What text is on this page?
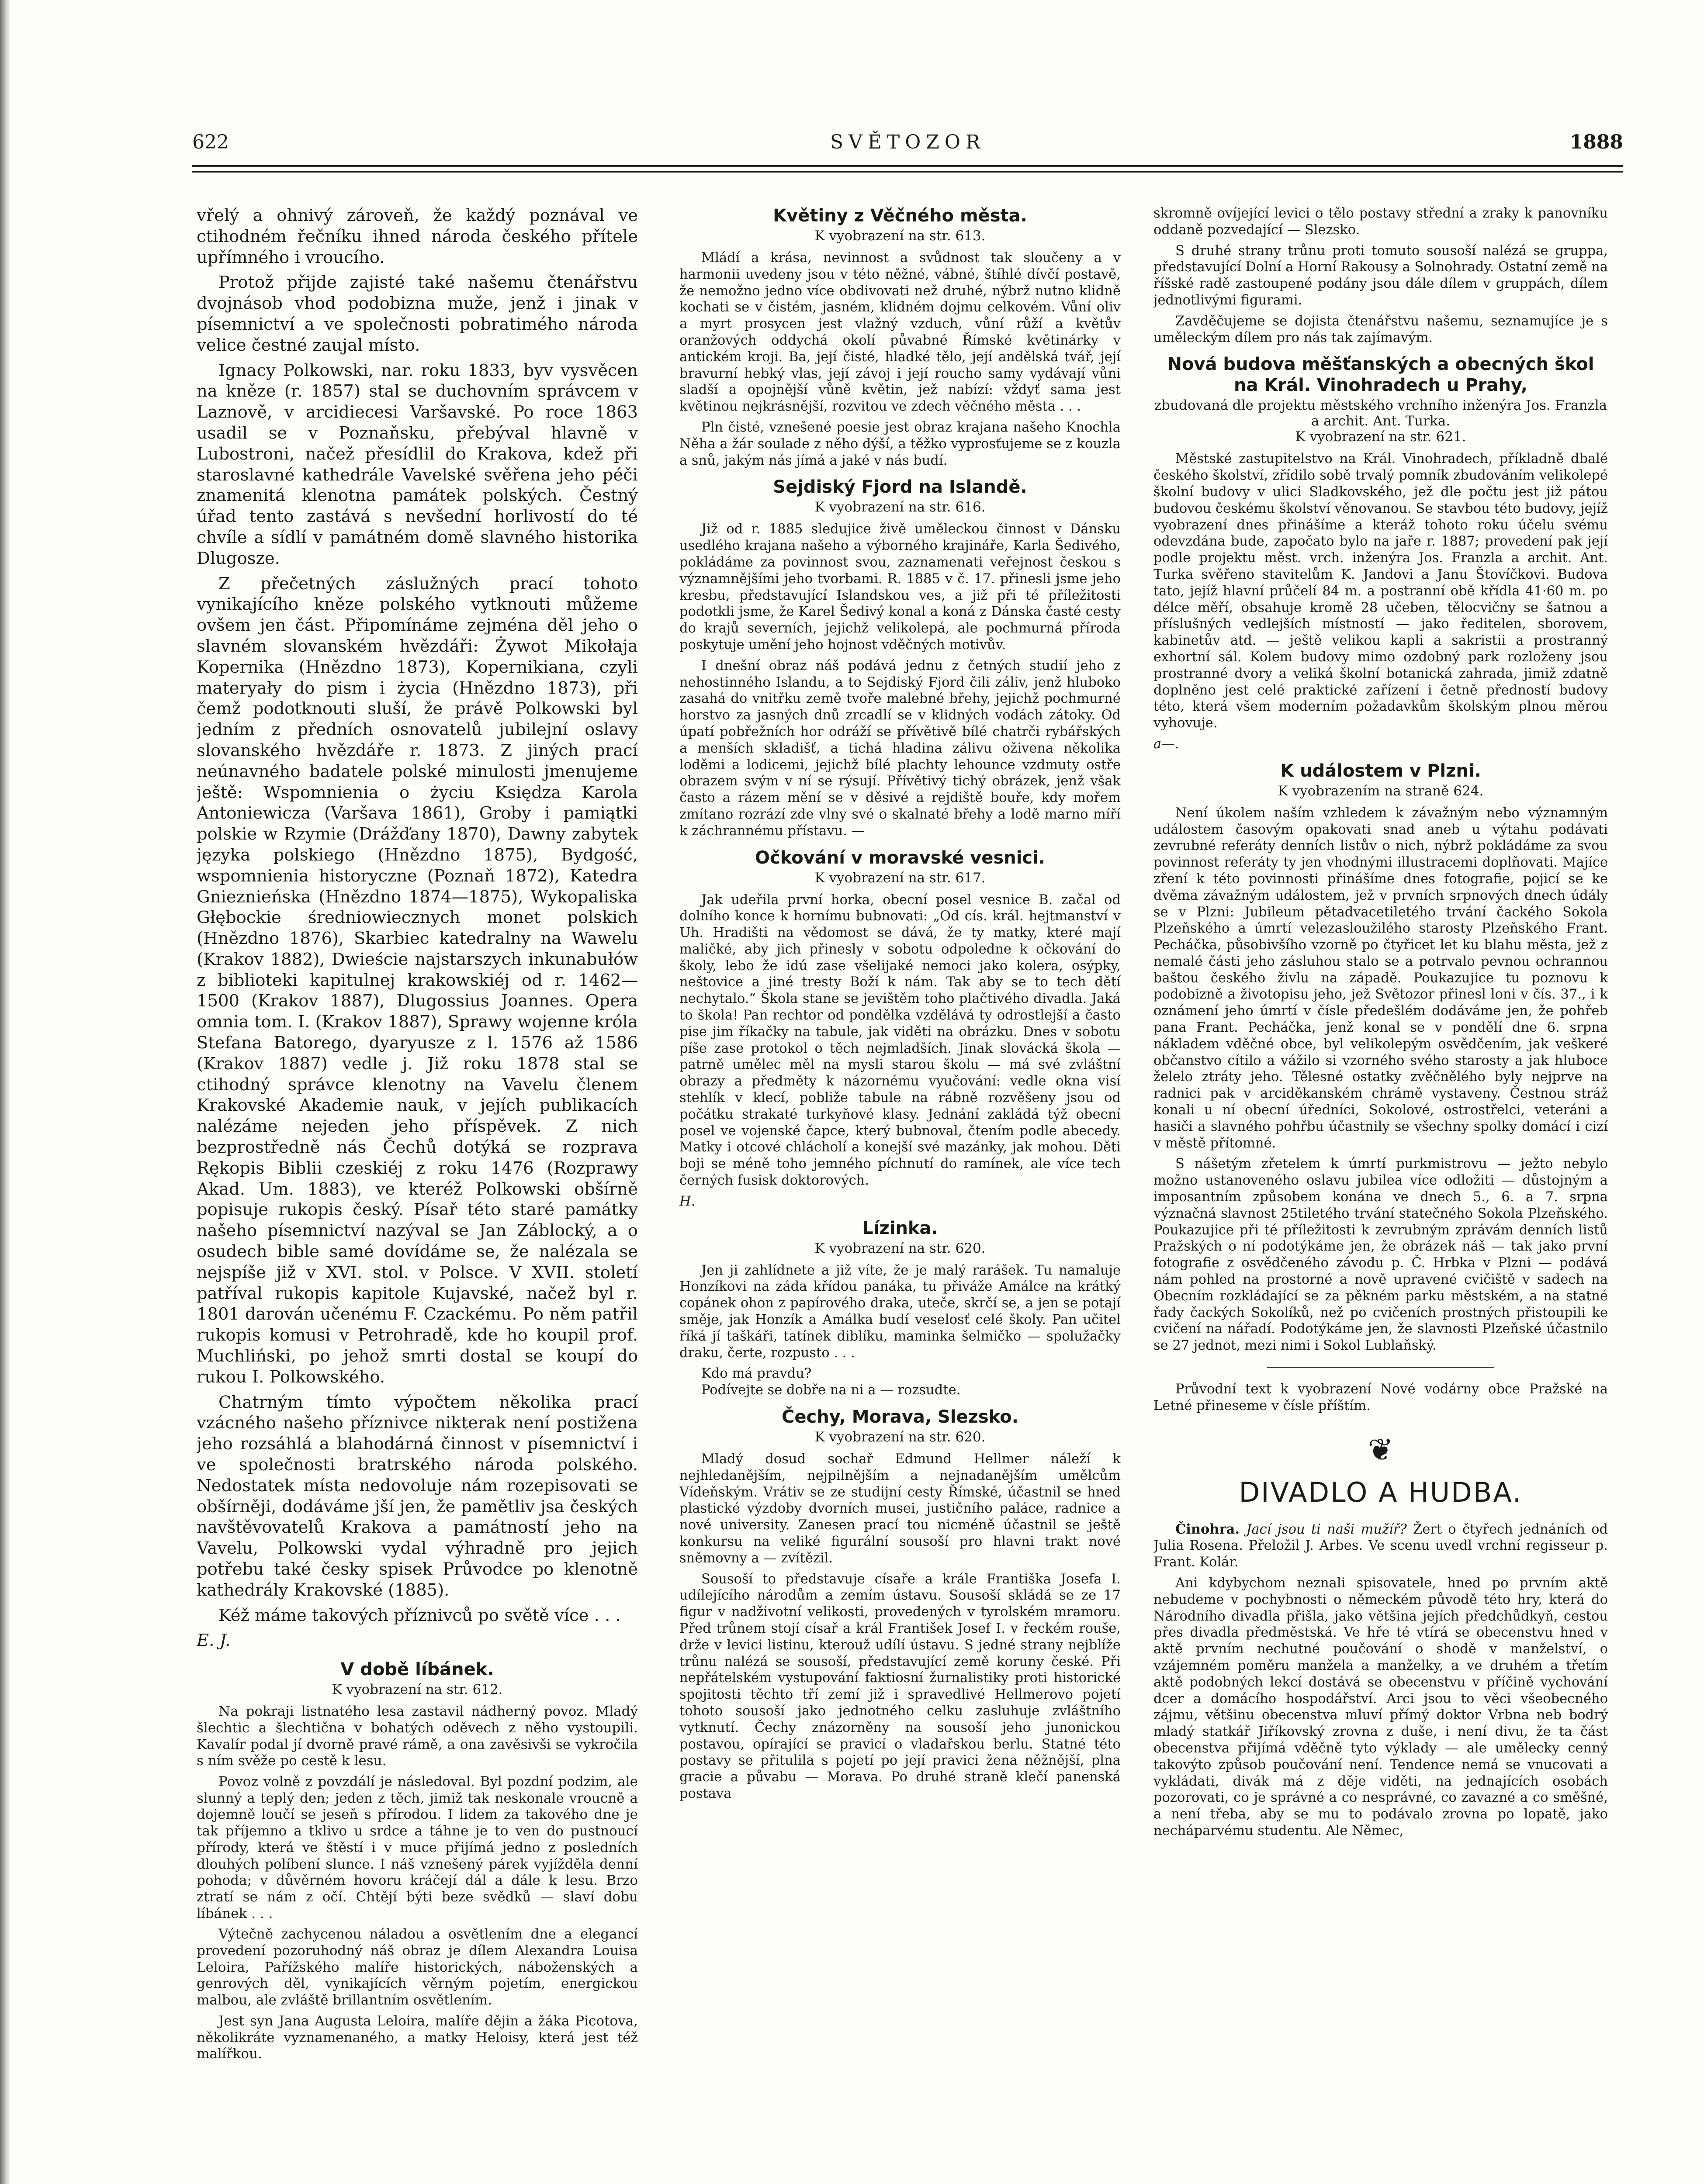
622	SVĚTOZOR	1888

vřelý a ohnivý zároveň, že každý poznával ve ctihodném řečníku ihned národa českého přítele upřímného i vroucího.

Protož přijde zajisté také našemu čtenářstvu dvojnásob vhod podobizna muže, jenž i jinak v písemnictví a ve společnosti pobratimého národa velice čestné zaujal místo.

Ignacy Polkowski, nar. roku 1833, byv vysvěcen na kněze (r. 1857) stal se duchovním správcem v Laznově, v arcidiecesi Varšavské. Po roce 1863 usadil se v Poznaňsku, přebýval hlavně v Lubostroni, načež přesídlil do Krakova, kdež při staroslavné kathedrále Vavelské svěřena jeho péči znamenitá klenotna památek polských. Čestný úřad tento zastává s nevšední horlivostí do té chvíle a sídlí v památném domě slavného historika Dlugosze.

Z přečetných záslužných prací tohoto vynikajícího kněze polského vytknouti můžeme ovšem jen část. Připomínáme zejména děl jeho o slavném slovanském hvězdáři: Żywot Mikołaja Kopernika (Hnězdno 1873), Kopernikiana, czyli materyały do pism i życia (Hnězdno 1873), při čemž podotknouti sluší, že právě Polkowski byl jedním z předních osnovatelů jubilejní oslavy slovanského hvězdáře r. 1873. Z jiných prací neúnavného badatele polské minulosti jmenujeme ještě: Wspomnienia o życiu Księdza Karola Antoniewicza (Varšava 1861), Groby i pamiątki polskie w Rzymie (Drážďany 1870), Dawny zabytek języka polskiego (Hnězdno 1875), Bydgość, wspomnienia historyczne (Poznaň 1872), Katedra Gnieznieńska (Hnězdno 1874—1875), Wykopaliska Głębockie średniowiecznych monet polskich (Hnězdno 1876), Skarbiec katedralny na Wawelu (Krakov 1882), Dwieście najstarszych inkunabułów z biblioteki kapitulnej krakowskiéj od r. 1462—1500 (Krakov 1887), Dlugossius Joannes. Opera omnia tom. I. (Krakov 1887), Sprawy wojenne króla Stefana Batorego, dyaryusze z l. 1576 až 1586 (Krakov 1887) vedle j. Již roku 1878 stal se ctihodný správce klenotny na Vavelu členem Krakovské Akademie nauk, v jejích publikacích nalézáme nejeden jeho příspěvek. Z nich bezprostředně nás Čechů dotýká se rozprava Rękopis Biblii czeskiéj z roku 1476 (Rozprawy Akad. Um. 1883), ve kteréž Polkowski obšírně popisuje rukopis český. Písař této staré památky našeho písemnictví nazýval se Jan Záblocký, a o osudech bible samé dovídáme se, že nalézala se nejspíše již v XVI. stol. v Polsce. V XVII. století patříval rukopis kapitole Kujavské, načež byl r. 1801 darován učenému F. Czackému. Po něm patřil rukopis komusi v Petrohradě, kde ho koupil prof. Muchliński, po jehož smrti dostal se koupí do rukou I. Polkowského.

Chatrným tímto výpočtem několika prací vzácného našeho příznivce nikterak není postižena jeho rozsáhlá a blahodárná činnost v písemnictví i ve společnosti bratrského národa polského. Nedostatek místa nedovoluje nám rozepisovati se obšírněji, dodáváme jší jen, že pamětliv jsa českých navštěvovatelů Krakova a památností jeho na Vavelu, Polkowski vydal výhradně pro jejich potřebu také česky spisek Průvodce po klenotně kathedrály Krakovské (1885).

Kéž máme takových příznivců po světě více . . .

E. J.

V době líbánek.
K vyobrazení na str. 612.

Na pokraji listnatého lesa zastavil nádherný povoz. Mladý šlechtic a šlechtična v bohatých oděvech z něho vystoupili. Kavalír podal jí dvorně pravé rámě, a ona zavěsivši se vykročila s ním svěže po cestě k lesu.

Povoz volně z povzdálí je následoval. Byl pozdní podzim, ale slunný a teplý den; jeden z těch, jimiž tak neskonale vroucně a dojemně loučí se jeseň s přírodou. I lidem za takového dne je tak příjemno a tklivo u srdce a táhne je to ven do pustnoucí přírody, která ve štěstí i v muce přijímá jedno z posledních dlouhých políbení slunce. I náš vznešený párek vyjížděla denní pohoda; v důvěrném hovoru kráčejí dál a dále k lesu. Brzo ztratí se nám z očí. Chtějí býti beze svědků — slaví dobu líbánek . . .

Výtečně zachycenou náladou a osvětlením dne a elegancí provedení pozoruhodný náš obraz je dílem Alexandra Louisa Leloira, Pařížského malíře historických, náboženských a genrových děl, vynikajících věrným pojetím, energickou malbou, ale zvláště brillantním osvětlením.

Jest syn Jana Augusta Leloira, malíře dějin a žáka Picotova, několikráte vyznamenaného, a matky Heloisy, která jest též malířkou.

Květiny z Věčného města.
K vyobrazení na str. 613.

Mládí a krása, nevinnost a svůdnost tak sloučeny a v harmonii uvedeny jsou v této něžné, vábné, štíhlé dívčí postavě, že nemožno jedno více obdivovati než druhé, nýbrž nutno klidně kochati se v čistém, jasném, klidném dojmu celkovém. Vůní oliv a myrt prosycen jest vlažný vzduch, vůní růží a květův oranžových oddychá okolí půvabné Římské květinárky v antickém kroji. Ba, její čisté, hladké tělo, její andělská tvář, její bravurní hebký vlas, její závoj i její roucho samy vydávají vůni sladší a opojnější vůně květin, jež nabízí: vždyť sama jest květinou nejkrásnější, rozvitou ve zdech věčného města . . .

Pln čisté, vznešené poesie jest obraz krajana našeho Knochla Něha a žár soulade z něho dýší, a těžko vyprosťujeme se z kouzla a snů, jakým nás jímá a jaké v nás budí.

Sejdiský Fjord na Islandě.
K vyobrazení na str. 616.

Již od r. 1885 sledujice živě uměleckou činnost v Dánsku usedlého krajana našeho a výborného krajináře, Karla Šedivého, pokládáme za povinnost svou, zaznamenati veřejnost českou s významnějšími jeho tvorbami. R. 1885 v č. 17. přinesli jsme jeho kresbu, představující Islandskou ves, a již při té příležitosti podotkli jsme, že Karel Šedivý konal a koná z Dánska časté cesty do krajů severních, jejichž velikolepá, ale pochmurná příroda poskytuje umění jeho hojnost vděčných motivův.

I dnešní obraz náš podává jednu z četných studií jeho z nehostinného Islandu, a to Sejdiský Fjord čili záliv, jenž hluboko zasahá do vnitřku země tvoře malebné břehy, jejichž pochmurné horstvo za jasných dnů zrcadlí se v klidných vodách zátoky. Od úpatí pobřežních hor odráží se přívětivě bílé chatrči rybářských a menších skladišť, a tichá hladina zálivu oživena několika loděmi a lodicemi, jejichž bílé plachty lehounce vzdmuty ostře obrazem svým v ní se rýsují. Přívětivý tichý obrázek, jenž však často a rázem mění se v děsivé a rejdiště bouře, kdy mořem zmítano rozrází zde vlny své o skalnaté břehy a lodě marno míří k záchrannému přístavu. —

Očkování v moravské vesnici.
K vyobrazení na str. 617.

Jak udeřila první horka, obecní posel vesnice B. začal od dolního konce k hornímu bubnovati: „Od cís. král. hejtmanství v Uh. Hradišti na vědomost se dává, že ty matky, které mají maličké, aby jich přinesly v sobotu odpoledne k očkování do školy, lebo že idú zase všelijaké nemoci jako kolera, osýpky, neštovice a jiné tresty Boží k nám. Tak aby se to tech dětí nechytalo.“ Škola stane se jevištěm toho plačtivého divadla. Jaká to škola! Pan rechtor od pondělka vzdělává ty odrostlejší a často pise jim říkačky na tabule, jak viděti na obrázku. Dnes v sobotu píše zase protokol o těch nejmladších. Jinak slovácká škola — patrně umělec měl na mysli starou školu — má své zvláštní obrazy a předměty k názornému vyučování: vedle okna visí stehlík v klecí, pobliže tabule na rábně rozvěšeny jsou od počátku strakaté turkyňové klasy. Jednání zakládá týž obecní posel ve vojenské čapce, který bubnoval, čtením podle abecedy. Matky i otcové chlácholí a konejší své mazánky, jak mohou. Děti boji se méně toho jemného píchnutí do ramínek, ale více tech černých fusisk doktorových.

H.

Lízinka.
K vyobrazení na str. 620.

Jen ji zahlídnete a již víte, že je malý rarášek. Tu namaluje Honzíkovi na záda křídou panáka, tu přiváže Amálce na krátký copánek ohon z papírového draka, uteče, skrčí se, a jen se potají směje, jak Honzík a Amálka budí veselosť celé školy. Pan učitel říká jí taškáři, tatínek diblíku, maminka šelmičko — spolužačky draku, čerte, rozpusto . . .

Kdo má pravdu?

Podívejte se dobře na ni a — rozsudte.

Čechy, Morava, Slezsko.
K vyobrazení na str. 620.

Mladý dosud sochař Edmund Hellmer náleží k nejhledanějším, nejpilnějším a nejnadanějším umělcům Vídeňským. Vrátiv se ze studijní cesty Římské, účastnil se hned plastické výzdoby dvorních musei, justičního paláce, radnice a nové university. Zanesen prací tou nicméně účastnil se ještě konkursu na veliké figurální sousoší pro hlavni trakt nové sněmovny a — zvítězil.

Sousoší to představuje císaře a krále Františka Josefa I. udílejícího národům a zemím ústavu. Sousoší skládá se ze 17 figur v nadživotní velikosti, provedených v tyrolském mramoru. Před trůnem stojí císař a král František Josef I. v řeckém rouše, drže v levici listinu, kterouž udílí ústavu. S jedné strany nejblíže trůnu nalézá se sousoší, představující země koruny české. Při nepřátelském vystupování faktiosní žurnalistiky proti historické spojitosti těchto tří zemí již i spravedlivé Hellmerovo pojetí tohoto sousoší jako jednotného celku zasluhuje zvláštního vytknutí. Čechy znázorněny na sousoší jeho junonickou postavou, opírající se pravicí o vladařskou berlu. Statné této postavy se přitulila s pojetí po její pravici žena něžnější, plna gracie a půvabu — Morava. Po druhé straně klečí panenská postava

skromně ovíjející levici o tělo postavy střední a zraky k panovníku oddaně pozvedající — Slezsko.

S druhé strany trůnu proti tomuto sousoší nalézá se gruppa, představující Dolní a Horní Rakousy a Solnohrady. Ostatní země na říšské radě zastoupené podány jsou dále dílem v gruppách, dílem jednotlivými figurami.

Zavděčujeme se dojista čtenářstvu našemu, seznamujíce je s uměleckým dílem pro nás tak zajímavým.

Nová budova měšťanských a obecných škol na Král. Vinohradech u Prahy,
zbudovaná dle projektu městského vrchního inženýra Jos. Franzla a archit. Ant. Turka.
K vyobrazení na str. 621.

Městské zastupitelstvo na Král. Vinohradech, příkladně dbalé českého školství, zřídilo sobě trvalý pomník zbudováním velikolepé školní budovy v ulici Sladkovského, jež dle počtu jest již pátou budovou českému školství věnovanou. Se stavbou této budovy, jejíž vyobrazení dnes přinášíme a kteráž tohoto roku účelu svému odevzdána bude, započato bylo na jaře r. 1887; provedení pak její podle projektu měst. vrch. inženýra Jos. Franzla a archit. Ant. Turka svěřeno stavitelům K. Jandovi a Janu Štovíčkovi. Budova tato, jejíž hlavní průčelí 84 m. a postranní obě křídla 41·60 m. po délce měří, obsahuje kromě 28 učeben, tělocvičny se šatnou a příslušných vedlejších místností — jako ředitelen, sborovem, kabinetův atd. — ještě velikou kapli a sakristii a prostranný exhortní sál. Kolem budovy mimo ozdobný park rozloženy jsou prostranné dvory a veliká školní botanická zahrada, jimiž zdatně doplněno jest celé praktické zařízení i četně předností budovy této, která všem moderním požadavkům školským plnou měrou vyhovuje.

a—.

K událostem v Plzni.
K vyobrazením na straně 624.

Není úkolem naším vzhledem k závažným nebo významným událostem časovým opakovati snad aneb u výtahu podávati zevrubné referáty denních listův o nich, nýbrž pokládáme za svou povinnost referáty ty jen vhodnými illustracemi doplňovati. Majíce zření k této povinnosti přinášíme dnes fotografie, pojicí se ke dvěma závažným událostem, jež v prvních srpnových dnech údály se v Plzni: Jubileum pětadvacetiletého trvání čackého Sokola Plzeňského a úmrtí velezasloužilého starosty Plzeňského Frant. Pecháčka, působivšího vzorně po čtyřicet let ku blahu města, jež z nemalé části jeho zásluhou stalo se a potrvalo pevnou ochrannou baštou českého živlu na západě. Poukazujice tu poznovu k podobizně a životopisu jeho, jež Světozor přinesl loni v čís. 37., i k oznámení jeho úmrtí v čísle předešlém dodáváme jen, že pohřeb pana Frant. Pecháčka, jenž konal se v pondělí dne 6. srpna nákladem vděčné obce, byl velikolepým osvědčením, jak veškeré občanstvo cítilo a vážilo si vzorného svého starosty a jak hluboce želelo ztráty jeho. Tělesné ostatky zvěčnělého byly nejprve na radnici pak v arciděkanském chrámě vystaveny. Čestnou stráž konali u ní obecní úředníci, Sokolové, ostrostřelci, veteráni a hasiči a slavného pohřbu účastnily se všechny spolky domácí i cizí v městě přítomné.

S nášetým zřetelem k úmrtí purkmistrovu — ježto nebylo možno ustanoveného oslavu jubilea více odložiti — důstojným a imposantním způsobem konána ve dnech 5., 6. a 7. srpna význačná slavnost 25tiletého trvání statečného Sokola Plzeňského. Poukazujice při té příležitosti k zevrubným zprávám denních listů Pražských o ní podotýkáme jen, že obrázek náš — tak jako první fotografie z osvědčeného závodu p. Č. Hrbka v Plzni — podává nám pohled na prostorné a nově upravené cvičiště v sadech na Obecním rozkládající se za pěkném parku městském, a na statné řady čackých Sokolíků, než po cvičeních prostných přistoupili ke cvičení na nářadí. Podotýkáme jen, že slavnosti Plzeňské účastnilo se 27 jednot, mezi nimi i Sokol Lublaňský.

Průvodní text k vyobrazení Nové vodárny obce Pražské na Letné přineseme v čísle příštím.

❦
DIVADLO A HUDBA.

Činohra. Jací jsou ti naši mužíř? Žert o čtyřech jednáních od Julia Rosena. Přeložil J. Arbes. Ve scenu uvedl vrchní regisseur p. Frant. Kolár.

Ani kdybychom neznali spisovatele, hned po prvním aktě nebudeme v pochybnosti o německém původě této hry, která do Národního divadla přišla, jako většina jejích předchůdkyň, cestou přes divadla předměstská. Ve hře té vtírá se obecenstvu hned v aktě prvním nechutné poučování o shodě v manželství, o vzájemném poměru manžela a manželky, a ve druhém a třetím aktě podobných lekcí dostává se obecenstvu v příčině vychování dcer a domácího hospodářství. Arci jsou to věci všeobecného zájmu, většinu obecenstva mluví přímý doktor Vrbna neb bodrý mladý statkář Jiříkovský zrovna z duše, i není divu, že ta část obecenstva přijímá vděčně tyto výklady — ale umělecky cenný takovýto způsob poučování není. Tendence nemá se vnucovati a vykládati, divák má z děje viděti, na jednajících osobách pozorovati, co je správné a co nesprávné, co zavazné a co směšné, a není třeba, aby se mu to podávalo zrovna po lopatě, jako necháparvému studentu. Ale Němec,
